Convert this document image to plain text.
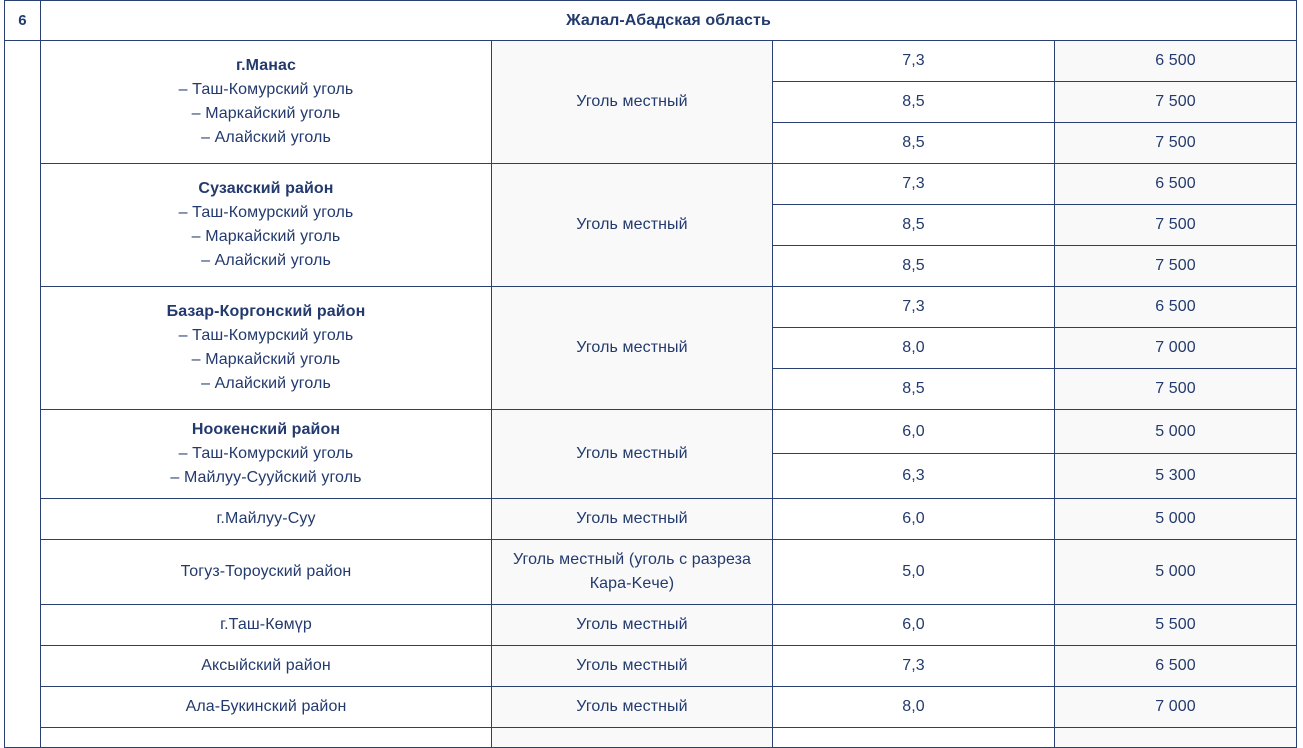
6	Жалал-Абадская область			

	г.Манас
– Таш-Комурский уголь
– Маркайский уголь
– Алайский уголь	Уголь местный	7,3	6 500
			8,5	7 500
			8,5	7 500

	Сузакский район
– Таш-Комурский уголь
– Маркайский уголь
– Алайский уголь	Уголь местный	7,3	6 500
			8,5	7 500
			8,5	7 500

	Базар-Коргонский район
– Таш-Комурский уголь
– Маркайский уголь
– Алайский уголь	Уголь местный	7,3	6 500
			8,0	7 000
			8,5	7 500

	Ноокенский район
– Таш-Комурский уголь
– Майлуу-Сууйский уголь	Уголь местный	6,0	5 000
			6,3	5 300
	г.Майлуу-Суу	Уголь местный	6,0	5 000
	Тогуз-Тороуский район	Уголь местный (уголь с разреза Кара-Keче)	5,0	5 000
	г.Таш-Көмүр	Уголь местный	6,0	5 500
	Аксыйский район	Уголь местный	7,3	6 500
	Ала-Букинский район	Уголь местный	8,0	7 000
